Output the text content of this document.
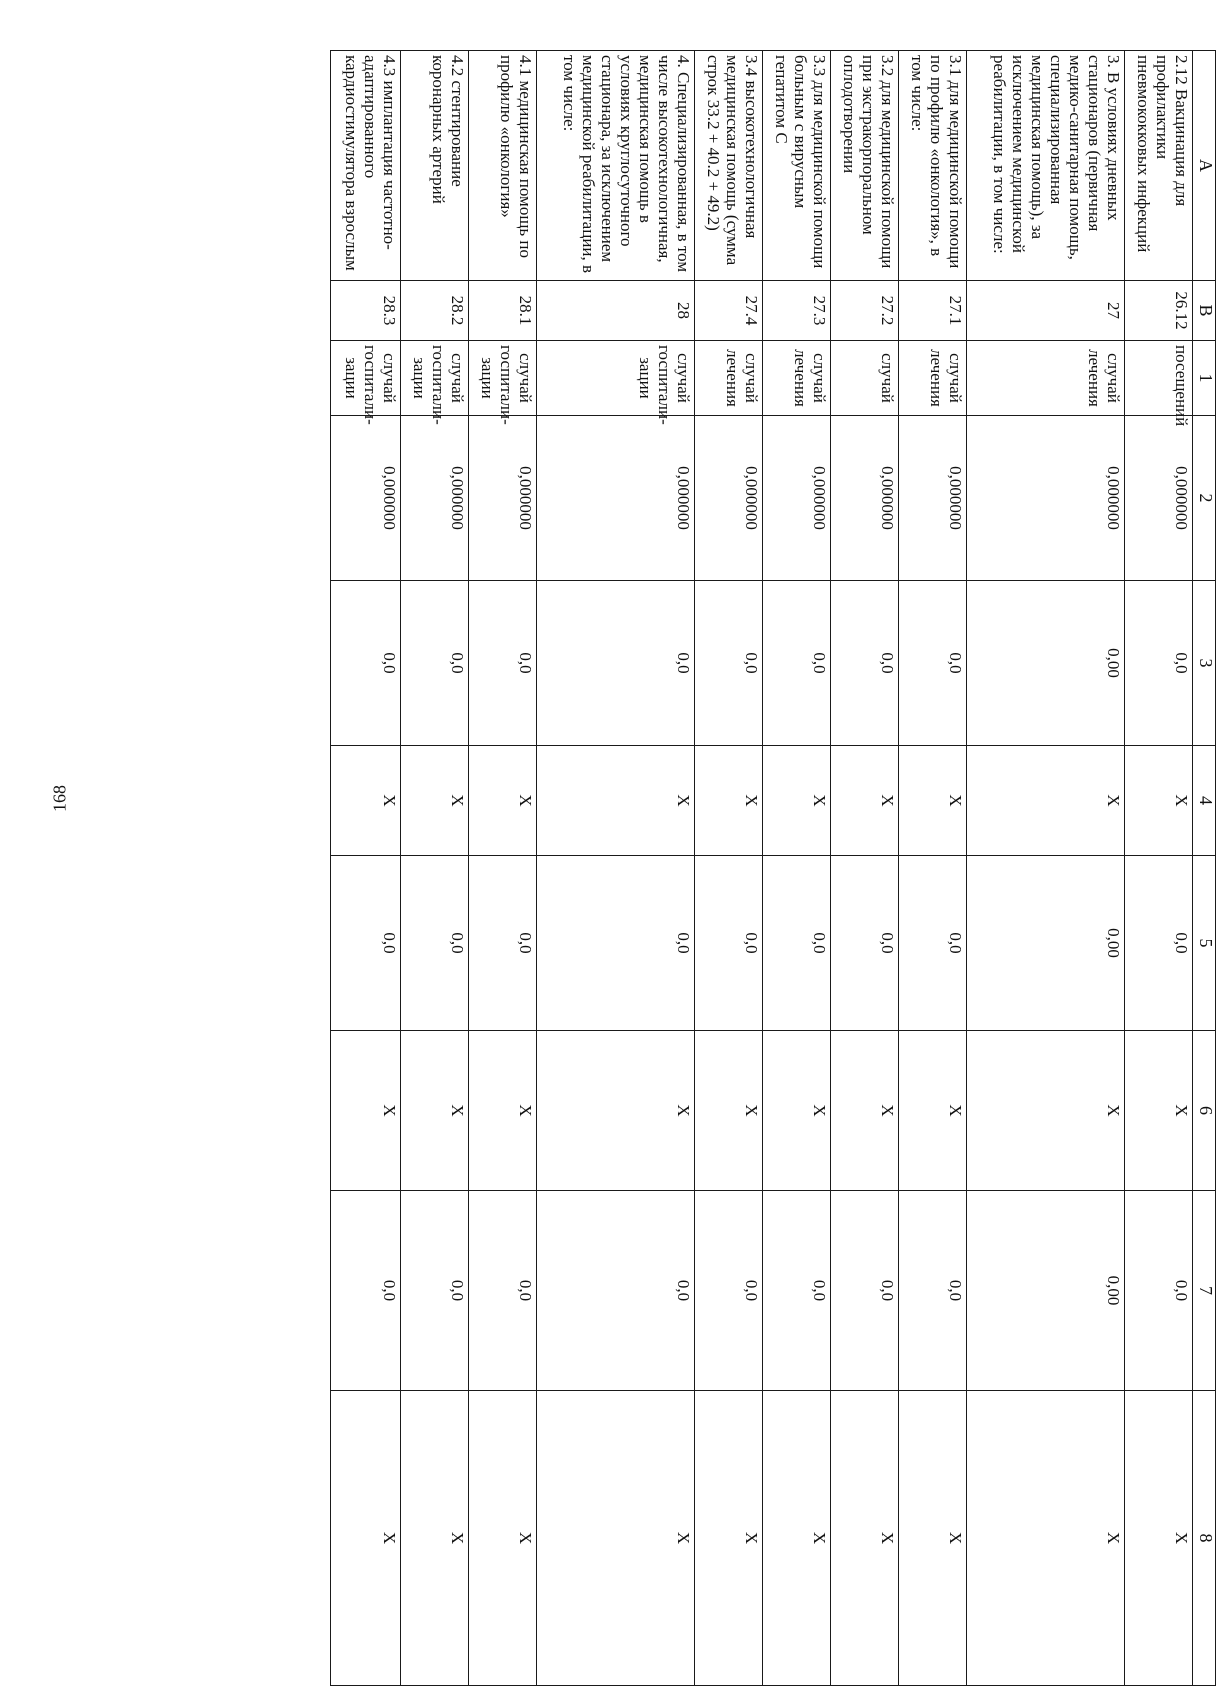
168
A	B	1	2	3	4	5	6	7	8
2.12 Вакцинация для профилактики пневмококковых инфекций	26.12	посещений	0,000000	0,0	X	0,0	X	0,0	X
3. В условиях дневных стационаров (первичная медико-санитарная помощь, специализированная медицинская помощь), за исключением медицинской реабилитации, в том числе:	27	случай лечения	0,000000	0,00	X	0,00	X	0,00	X
3.1 для медицинской помощи по профилю «онкология», в том числе:	27.1	случай лечения	0,000000	0,0	X	0,0	X	0,0	X
3.2 для медицинской помощи при экстракорпоральном оплодотворении	27.2	случай	0,000000	0,0	X	0,0	X	0,0	X
3.3 для медицинской помощи больным с вирусным гепатитом С	27.3	случай лечения	0,000000	0,0	X	0,0	X	0,0	X
3.4 высокотехнологичная медицинская помощь (сумма строк 33.2 + 40.2 + 49.2)	27.4	случай лечения	0,000000	0,0	X	0,0	X	0,0	X
4. Специализированная, в том числе высокотехнологичная, медицинская помощь в условиях круглосуточного стационара, за исключением медицинской реабилитации, в том числе:	28	случай госпитали-зации	0,000000	0,0	X	0,0	X	0,0	X
4.1 медицинская помощь по профилю «онкология»	28.1	случай госпитали-зации	0,000000	0,0	X	0,0	X	0,0	X
4.2 стентирование коронарных артерий	28.2	случай госпитали-зации	0,000000	0,0	X	0,0	X	0,0	X
4.3 имплантация частотно-адаптированного кардиостимулятора взрослым	28.3	случай госпитали-зации	0,000000	0,0	X	0,0	X	0,0	X
